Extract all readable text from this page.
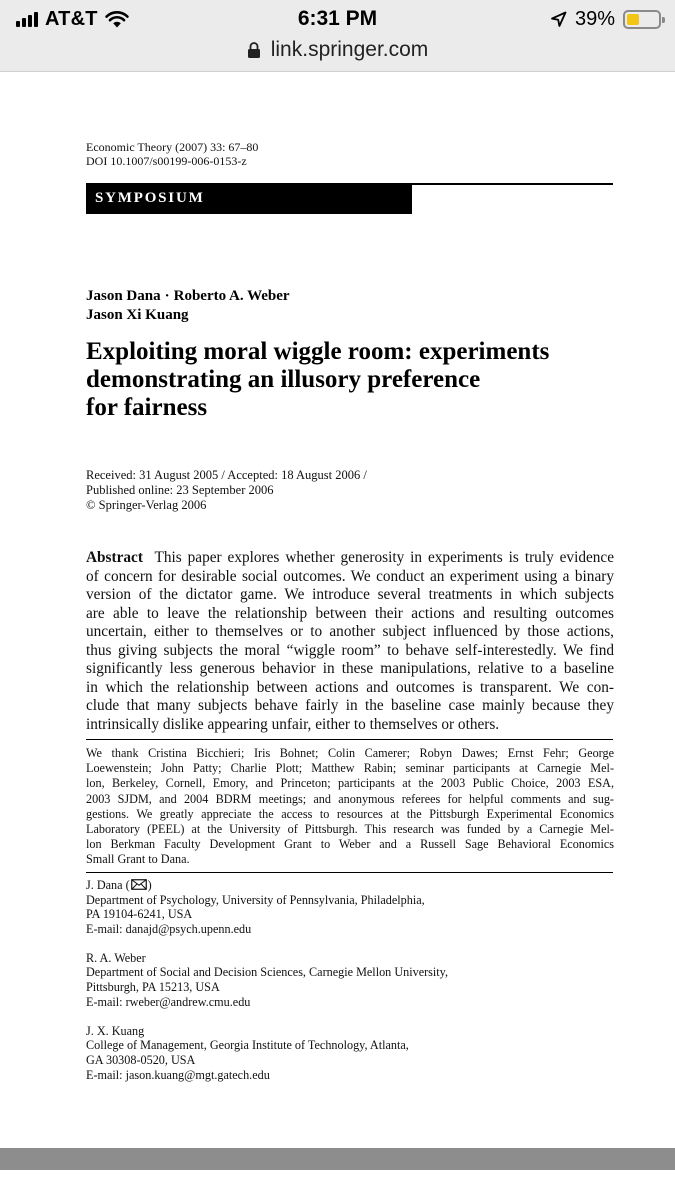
AT&T	6:31 PM	39%
link.springer.com
Economic Theory (2007) 33: 67–80
DOI 10.1007/s00199-006-0153-z
SYMPOSIUM
Jason Dana · Roberto A. Weber
Jason Xi Kuang
Exploiting moral wiggle room: experiments
demonstrating an illusory preference
for fairness
Received: 31 August 2005 / Accepted: 18 August 2006 /
Published online: 23 September 2006
© Springer-Verlag 2006
Abstract This paper explores whether generosity in experiments is truly evidence
of concern for desirable social outcomes. We conduct an experiment using a binary
version of the dictator game. We introduce several treatments in which subjects
are able to leave the relationship between their actions and resulting outcomes
uncertain, either to themselves or to another subject influenced by those actions,
thus giving subjects the moral “wiggle room” to behave self-interestedly. We find
significantly less generous behavior in these manipulations, relative to a baseline
in which the relationship between actions and outcomes is transparent. We con-
clude that many subjects behave fairly in the baseline case mainly because they
intrinsically dislike appearing unfair, either to themselves or others.
We thank Cristina Bicchieri; Iris Bohnet; Colin Camerer; Robyn Dawes; Ernst Fehr; George
Loewenstein; John Patty; Charlie Plott; Matthew Rabin; seminar participants at Carnegie Mel-
lon, Berkeley, Cornell, Emory, and Princeton; participants at the 2003 Public Choice, 2003 ESA,
2003 SJDM, and 2004 BDRM meetings; and anonymous referees for helpful comments and sug-
gestions. We greatly appreciate the access to resources at the Pittsburgh Experimental Economics
Laboratory (PEEL) at the University of Pittsburgh. This research was funded by a Carnegie Mel-
lon Berkman Faculty Development Grant to Weber and a Russell Sage Behavioral Economics
Small Grant to Dana.
J. Dana ( )
Department of Psychology, University of Pennsylvania, Philadelphia,
PA 19104-6241, USA
E-mail: danajd@psych.upenn.edu
R. A. Weber
Department of Social and Decision Sciences, Carnegie Mellon University,
Pittsburgh, PA 15213, USA
E-mail: rweber@andrew.cmu.edu
J. X. Kuang
College of Management, Georgia Institute of Technology, Atlanta,
GA 30308-0520, USA
E-mail: jason.kuang@mgt.gatech.edu
